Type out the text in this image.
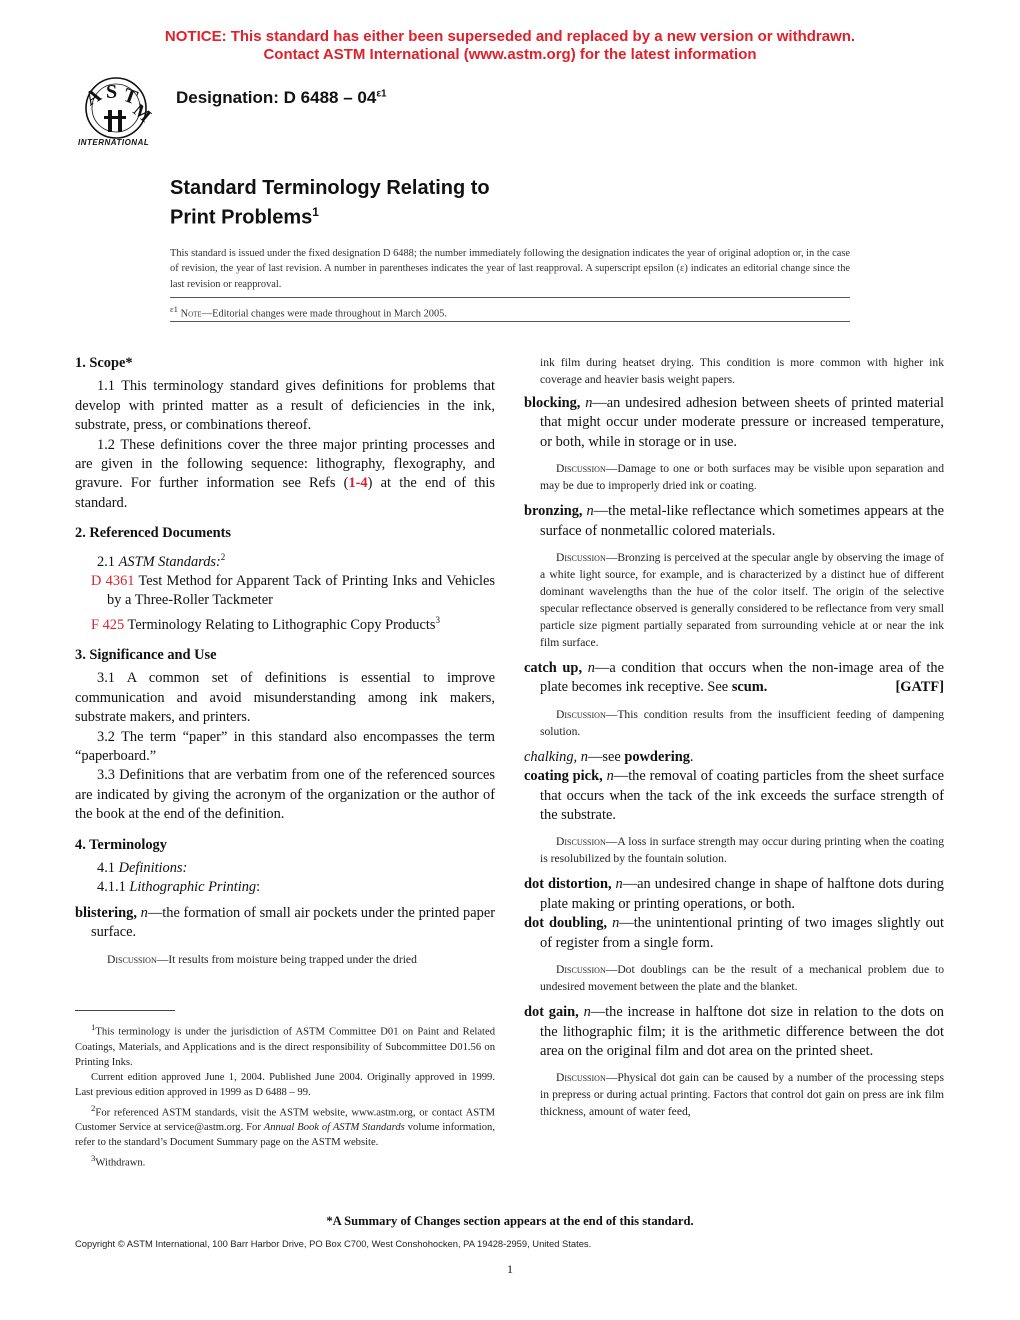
NOTICE: This standard has either been superseded and replaced by a new version or withdrawn.
Contact ASTM International (www.astm.org) for the latest information
A S T
M
INTERNATIONAL
Designation: D $6488 - 04^{\varepsilon 1}$
Standard Terminology Relating to
Print Problems$^1$
This standard is issued under the fixed designation D 6488; the number immediately following the designation indicates the year of original adoption or, in the case of revision, the year of last revision. A number in parentheses indicates the year of last reapproval. A superscript epsilon (ε) indicates an editorial change since the last revision or reapproval.
$^{\varepsilon 1}$ Note—Editorial changes were made throughout in March 2005.

1. Scope*

1.1 This terminology standard gives definitions for problems that develop with printed matter as a result of deficiencies in the ink, substrate, press, or combinations thereof.

1.2 These definitions cover the three major printing processes and are given in the following sequence: lithography, flexography, and gravure. For further information see Refs (1-4) at the end of this standard.

2. Referenced Documents

2.1 ASTM Standards:$^2$

D 4361 Test Method for Apparent Tack of Printing Inks and Vehicles by a Three-Roller Tackmeter

F 425 Terminology Relating to Lithographic Copy Products$^3$

3. Significance and Use

3.1 A common set of definitions is essential to improve communication and avoid misunderstanding among ink makers, substrate makers, and printers.

3.2 The term “paper” in this standard also encompasses the term “paperboard.”

3.3 Definitions that are verbatim from one of the referenced sources are indicated by giving the acronym of the organization or the author of the book at the end of the definition.

4. Terminology

4.1 Definitions:

4.1.1 Lithographic Printing:

blistering, n—the formation of small air pockets under the printed paper surface.

Discussion—It results from moisture being trapped under the dried

$^1$This terminology is under the jurisdiction of ASTM Committee D01 on Paint and Related Coatings, Materials, and Applications and is the direct responsibility of Subcommittee D01.56 on Printing Inks.

Current edition approved June 1, 2004. Published June 2004. Originally approved in 1999. Last previous edition approved in 1999 as D 6488 – 99.

$^2$For referenced ASTM standards, visit the ASTM website, www.astm.org, or contact ASTM Customer Service at service@astm.org. For Annual Book of ASTM Standards volume information, refer to the standard’s Document Summary page on the ASTM website.

$^3$Withdrawn.

ink film during heatset drying. This condition is more common with higher ink coverage and heavier basis weight papers.

blocking, n—an undesired adhesion between sheets of printed material that might occur under moderate pressure or increased temperature, or both, while in storage or in use.

Discussion—Damage to one or both surfaces may be visible upon separation and may be due to improperly dried ink or coating.

bronzing, n—the metal-like reflectance which sometimes appears at the surface of nonmetallic colored materials.

Discussion—Bronzing is perceived at the specular angle by observing the image of a white light source, for example, and is characterized by a distinct hue of different dominant wavelengths than the hue of the color itself. The origin of the selective specular reflectance observed is generally considered to be reflectance from very small particle size pigment partially separated from surrounding vehicle at or near the ink film surface.

catch up, n—a condition that occurs when the non-image area of the plate becomes ink receptive. See scum.	[GATF]

Discussion—This condition results from the insufficient feeding of dampening solution.

chalking, n—see powdering.

coating pick, n—the removal of coating particles from the sheet surface that occurs when the tack of the ink exceeds the surface strength of the substrate.

Discussion—A loss in surface strength may occur during printing when the coating is resolubilized by the fountain solution.

dot distortion, n—an undesired change in shape of halftone dots during plate making or printing operations, or both.

dot doubling, n—the unintentional printing of two images slightly out of register from a single form.

Discussion—Dot doublings can be the result of a mechanical problem due to undesired movement between the plate and the blanket.

dot gain, n—the increase in halftone dot size in relation to the dots on the lithographic film; it is the arithmetic difference between the dot area on the original film and dot area on the printed sheet.

Discussion—Physical dot gain can be caused by a number of the processing steps in prepress or during actual printing. Factors that control dot gain on press are ink film thickness, amount of water feed,

*A Summary of Changes section appears at the end of this standard.
Copyright © ASTM International, 100 Barr Harbor Drive, PO Box C700, West Conshohocken, PA 19428-2959, United States.
1
